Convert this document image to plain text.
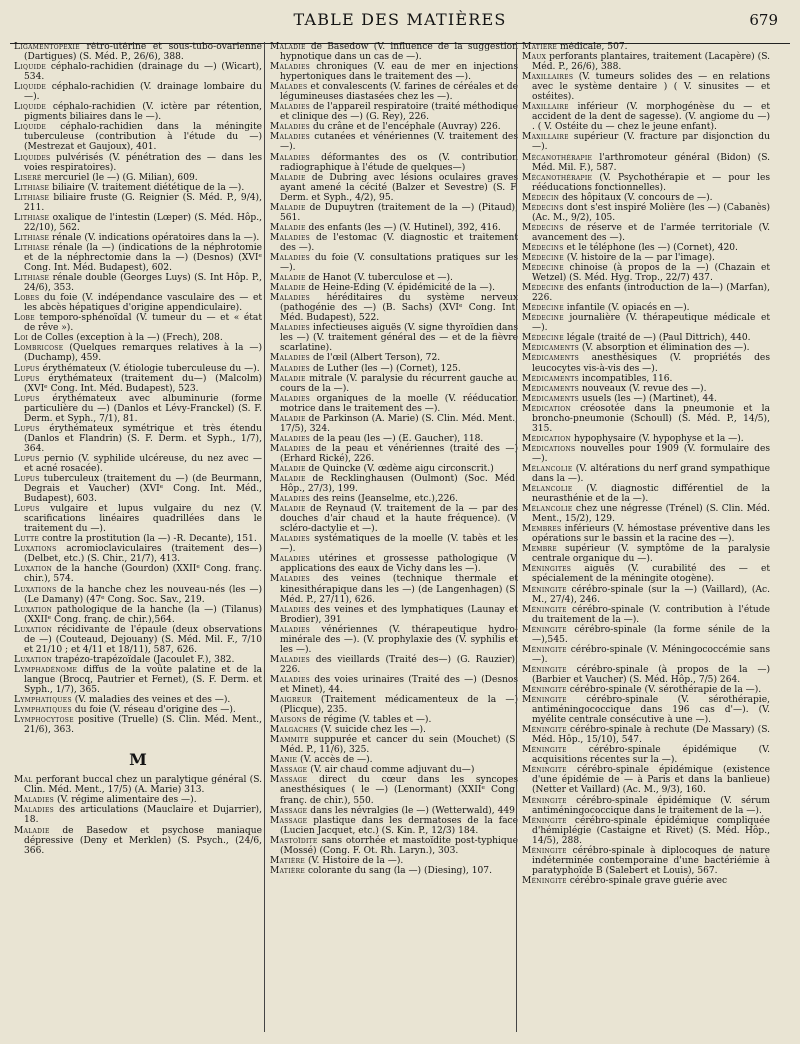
TABLE DES MATIÈRES	679

Ligamentopexie rétro-utérine et sous-tubo-ovarienne (Dartigues) (S. Méd. P., 26/6), 388.

Liquide céphalo-rachidien (drainage du —) (Wicart), 534.

Liquide céphalo-rachidien (V. drainage lombaire du —).

Liquide céphalo-rachidien (V. ictère par rétention, pigments biliaires dans le —).

Liquide céphalo-rachidien dans la méningite tuberculeuse (contribution à l'étude du —) (Mestrezat et Gaujoux), 401.

Liquides pulvérisés (V. pénétration des — dans les voies respiratoires).

Liseré mercuriel (le —) (G. Milian), 609.

Lithiase biliaire (V. traitement diététique de la —).

Lithiase biliaire fruste (G. Reignier (S. Méd. P., 9/4), 211.

Lithiase oxalique de l'intestin (Lœper) (S. Méd. Hôp., 22/10), 562.

Lithiase rénale (V. indications opératoires dans la —).

Lithiase rénale (la —) (indications de la néphrotomie et de la néphrectomie dans la —) (Desnos) (XVIᵉ Cong. Int. Méd. Budapest), 602.

Lithiase rénale double (Georges Luys) (S. Int Hôp. P., 24/6), 353.

Lobes du foie (V. indépendance vasculaire des — et les abcès hépatiques d'origine appendiculaire).

Lobe temporo-sphénoïdal (V. tumeur du — et « état de rêve »).

Loi de Colles (exception à la —) (Frech), 208.

Lombricose (Quelques remarques relatives à la —) (Duchamp), 459.

Lupus érythémateux (V. étiologie tuberculeuse du —).

Lupus érythémateux (traitement du—) (Malcolm) (XVIᵉ Cong. Int. Méd. Budapest), 523.

Lupus érythémateux avec albuminurie (forme particulière du —) (Danlos et Lévy-Franckel) (S. F. Derm. et Syph., 7/1), 81.

Lupus érythémateux symétrique et très étendu (Danlos et Flandrin) (S. F. Derm. et Syph., 1/7), 364.

Lupus pernio (V. syphilide ulcéreuse, du nez avec — et acné rosacée).

Lupus tuberculeux (traitement du —) (de Beurmann, Degrais et Vaucher) (XVIᵉ Cong. Int. Méd., Budapest), 603.

Lupus vulgaire et lupus vulgaire du nez (V. scarifications linéaires quadrillées dans le traitement du —).

Lutte contre la prostitution (la —) -R. Decante), 151.

Luxations acromioclaviculaires (traitement des—) (Delbet, etc.) (S. Chir., 21/7), 413.

Luxation de la hanche (Gourdon) (XXIIᵉ Cong. franç. chir.), 574.

Luxations de la hanche chez les nouveau-nés (les —) (Le Damany) (47ᵉ Cong. Soc. Sav., 219.

Luxation pathologique de la hanche (la —) (Tilanus) (XXIIᵉ Cong. franç. de chir.),564.

Luxation récidivante de l'épaule (deux observations de —) (Couteaud, Dejouany) (S. Méd. Mil. F., 7/10 et 21/10 ; et 4/11 et 18/11), 587, 626.

Luxation trapézo-trapézoïdale (Jacoulet F.), 382.

Lymphadénome diffus de la voûte palatine et de la langue (Brocq, Pautrier et Fernet), (S. F. Derm. et Syph., 1/7), 365.

Lymphatiques (V. maladies des veines et des —).

Lymphatiques du foie (V. réseau d'origine des —).

Lymphocytose positive (Truelle) (S. Clin. Méd. Ment., 21/6), 363.

M

Mal perforant buccal chez un paralytique général (S. Clin. Méd. Ment., 17/5) (A. Marie) 313.

Maladies (V. régime alimentaire des —).

Maladies des articulations (Mauclaire et Dujarrier), 18.

Maladie de Basedow et psychose maniaque dépressive (Deny et Merklen) (S. Psych., (24/6, 366.

Maladie de Basedow (V. influence de la suggestion hypnotique dans un cas de —).

Maladies chroniques (V. eau de mer en injections hypertoniques dans le traitement des —).

Malades et convalescents (V. farines de céréales et de légumineuses diastasées chez les —).

Maladies de l'appareil respiratoire (traité méthodique et clinique des —) (G. Rey), 226.

Maladies du crâne et de l'encéphale (Auvray) 226.

Maladies cutanées et vénériennes (V. traitement des —).

Maladies déformantes des os (V. contribution radiographique à l'étude de quelques—)

Maladie de Dubring avec lésions oculaires graves ayant amené la cécité (Balzer et Sevestre) (S. F. Derm. et Syph., 4/2), 95.

Maladie de Dupuytren (traitement de la —) (Pitaud), 561.

Maladie des enfants (les —) (V. Hutinel), 392, 416.

Maladies de l'estomac (V. diagnostic et traitement des —).

Maladies du foie (V. consultations pratiques sur les —).

Maladie de Hanot (V. tuberculose et —).

Maladie de Heine-Eding (V. épidémicité de la —).

Maladies héréditaires du système nerveux (pathogénie des —) (B. Sachs) (XVIᵉ Cong. Int. Méd. Budapest), 522.

Maladies infectieuses aiguës (V. signe thyroïdien dans les —) (V. traitement général des — et de la fièvre scarlatine).

Maladies de l'œil (Albert Terson), 72.

Maladies de Luther (les —) (Cornet), 125.

Maladie mitrale (V. paralysie du récurrent gauche au cours de la —).

Maladies organiques de la moelle (V. rééducation motrice dans le traitement des —).

Maladie de Parkinson (A. Marie) (S. Clin. Méd. Ment., 17/5), 324.

Maladies de la peau (les —) (E. Gaucher), 118.

Maladies de la peau et vénériennes (traité des —) (Erhard Rické), 226.

Maladie de Quincke (V. œdème aigu circonscrit.)

Maladie de Recklinghausen (Oulmont) (Soc. Méd. Hôp., 27/3), 199.

Maladies des reins (Jeanselme, etc.),226.

Maladie de Reynaud (V. traitement de la — par des douches d'air chaud et la haute fréquence). (V. scléro-dactylie et —).

Maladies systématiques de la moelle (V. tabès et les —).

Maladies utérines et grossesse pathologique (V. applications des eaux de Vichy dans les —).

Maladies des veines (technique thermale et kinesithérapique dans les —) (de Langenhagen) (S. Méd. P., 27/11), 626.

Maladies des veines et des lymphatiques (Launay et Brodier), 391

Maladies vénériennes (V. thérapeutique hydro-minérale des —). (V. prophylaxie des (V. syphilis et les —).

Maladies des vieillards (Traité des—) (G. Rauzier), 226.

Maladies des voies urinaires (Traité des —) (Desnos et Minet), 44.

Maigreur (Traitement médicamenteux de la —) (Plicque), 235.

Maisons de régime (V. tables et —).

Malgaches (V. suicide chez les —).

Mammite suppurée et cancer du sein (Mouchet) (S. Méd. P., 11/6), 325.

Manie (V. accès de —).

Massage (V. air chaud comme adjuvant du—)

Massage direct du cœur dans les syncopes anesthésiques ( le —) (Lenormant) (XXIIᵉ Cong. franç. de chir.), 550.

Massage dans les névralgies (le —) (Wetterwald), 449.

Massage plastique dans les dermatoses de la face (Lucien Jacquet, etc.) (S. Kin. P., 12/3) 184.

Mastoïdite sans otorrhée et mastoïdite post-typhique (Mossé) (Cong. F. Ot. Rh. Laryn.), 303.

Matière (V. Histoire de la —).

Matière colorante du sang (la —) (Diesing), 107.

Matière médicale, 507.

Maux perforants plantaires, traitement (Lacapère) (S. Méd. P., 26/6), 388.

Maxillaires (V. tumeurs solides des — en relations avec le système dentaire ) ( V. sinusites — et ostéites).

Maxillaire inférieur (V. morphogénèse du — et accident de la dent de sagesse). (V. angiome du —) . ( V. Ostéite du — chez le jeune enfant).

Maxillaire supérieur (V. fracture par disjonction du —).

Mécanothérapie l'arthromoteur général (Bidon) (S. Méd. Mil. F.), 587.

Mécanothérapie (V. Psychothérapie et — pour les rééducations fonctionnelles).

Médecin des hôpitaux (V. concours de —).

Médecins dont s'est inspiré Molière (les —) (Cabanès) (Ac. M., 9/2), 105.

Médecins de réserve et de l'armée territoriale (V. avancement des —).

Médecins et le téléphone (les —) (Cornet), 420.

Médecine (V. histoire de la — par l'image).

Médecine chinoise (à propos de la —) (Chazain et Wetzel) (S. Méd. Hyg. Trop., 22/7) 437.

Médecine des enfants (introduction de la—) (Marfan), 226.

Médecine infantile (V. opiacés en —).

Médecine journalière (V. thérapeutique médicale et —).

Médecine légale (traité de —) (Paul Dittrich), 440.

Médicaments (V. absorption et élimination des —).

Médicaments anesthésiques (V. propriétés des leucocytes vis-à-vis des —).

Médicaments incompatibles, 116.

Médicaments nouveaux (V. revue des —).

Médicaments usuels (les —) (Martinet), 44.

Médication créosotée dans la pneumonie et la broncho-pneumonie (Schoull) (S. Méd. P., 14/5), 315.

Médication hypophysaire (V. hypophyse et la —).

Médications nouvelles pour 1909 (V. formulaire des —).

Mélancolie (V. altérations du nerf grand sympathique dans la —).

Mélancolie (V. diagnostic différentiel de la neurasthénie et de la —).

Mélancolie chez une négresse (Trénel) (S. Clin. Méd. Ment., 15/2), 129.

Membres inférieurs (V. hémostase préventive dans les opérations sur le bassin et la racine des —).

Membre supérieur (V. symptôme de la paralysie centrale organique du —).

Méningites aiguës (V. curabilité des — et spécialement de la méningite otogène).

Méningite cérébro-spinale (sur la —) (Vaillard), (Ac. M., 27/4), 246.

Méningite cérébro-spinale (V. contribution à l'étude du traitement de la —).

Méningite cérébro-spinale (la forme sénile de la —),545.

Méningite cérébro-spinale (V. Méningococcémie sans —).

Méningite cérébro-spinale (à propos de la —) (Barbier et Vaucher) (S. Méd. Hôp., 7/5) 264.

Méningite cérébro-spinale (V. sérothérapie de la —).

Méningite cérébro-spinale (V. sérothérapie, antiméningococcique dans 196 cas d'—). (V. myélite centrale consécutive à une —).

Méningite cérébro-spinale à rechute (De Massary) (S. Méd. Hôp., 15/10), 547.

Méningite cérébro-spinale épidémique (V. acquisitions récentes sur la —).

Méningite cérébro-spinale épidémique (existence d'une épidémie de — à Paris et dans la banlieue) (Netter et Vaillard) (Ac. M., 9/3), 160.

Méningite cérébro-spinale épidémique (V. sérum antiméningococcique dans le traitement de la —).

Méningite cérébro-spinale épidémique compliquée d'hémiplégie (Castaigne et Rivet) (S. Méd. Hôp., 14/5), 288.

Méningite cérébro-spinale à diplocoques de nature indéterminée contemporaine d'une bactériémie à paratyphoïde B (Salebert et Louis), 567.

Méningite cérébro-spinale grave guérie avec
